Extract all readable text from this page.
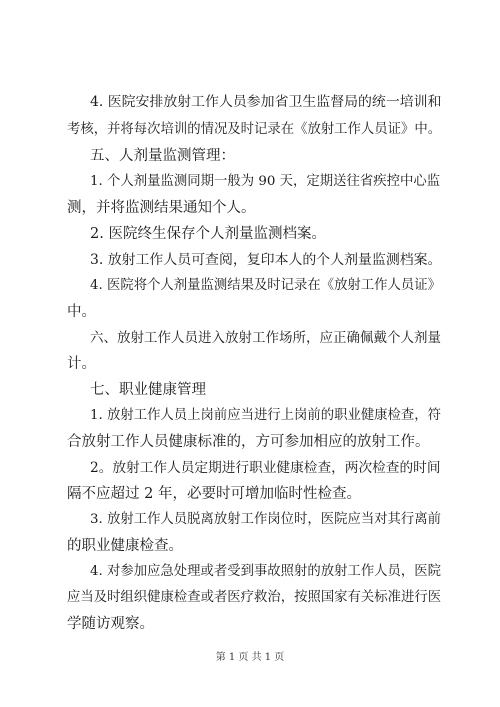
4. 医院安排放射工作人员参加省卫生监督局的统一培训和
考核，并将每次培训的情况及时记录在《放射工作人员证》中。
五、人剂量监测管理：
1. 个人剂量监测同期一般为 90 天，定期送往省疾控中心监
测，并将监测结果通知个人。
2. 医院终生保存个人剂量监测档案。
3. 放射工作人员可查阅，复印本人的个人剂量监测档案。
4. 医院将个人剂量监测结果及时记录在《放射工作人员证》
中。
六、放射工作人员进入放射工作场所，应正确佩戴个人剂量
计。
七、职业健康管理
1. 放射工作人员上岗前应当进行上岗前的职业健康检查，符
合放射工作人员健康标准的，方可参加相应的放射工作。
2。放射工作人员定期进行职业健康检查，两次检查的时间
隔不应超过 2 年，必要时可增加临时性检查。
3. 放射工作人员脱离放射工作岗位时，医院应当对其行离前
的职业健康检查。
4. 对参加应急处理或者受到事故照射的放射工作人员，医院
应当及时组织健康检查或者医疗救治，按照国家有关标准进行医
学随访观察。
第 1 页 共 1 页
